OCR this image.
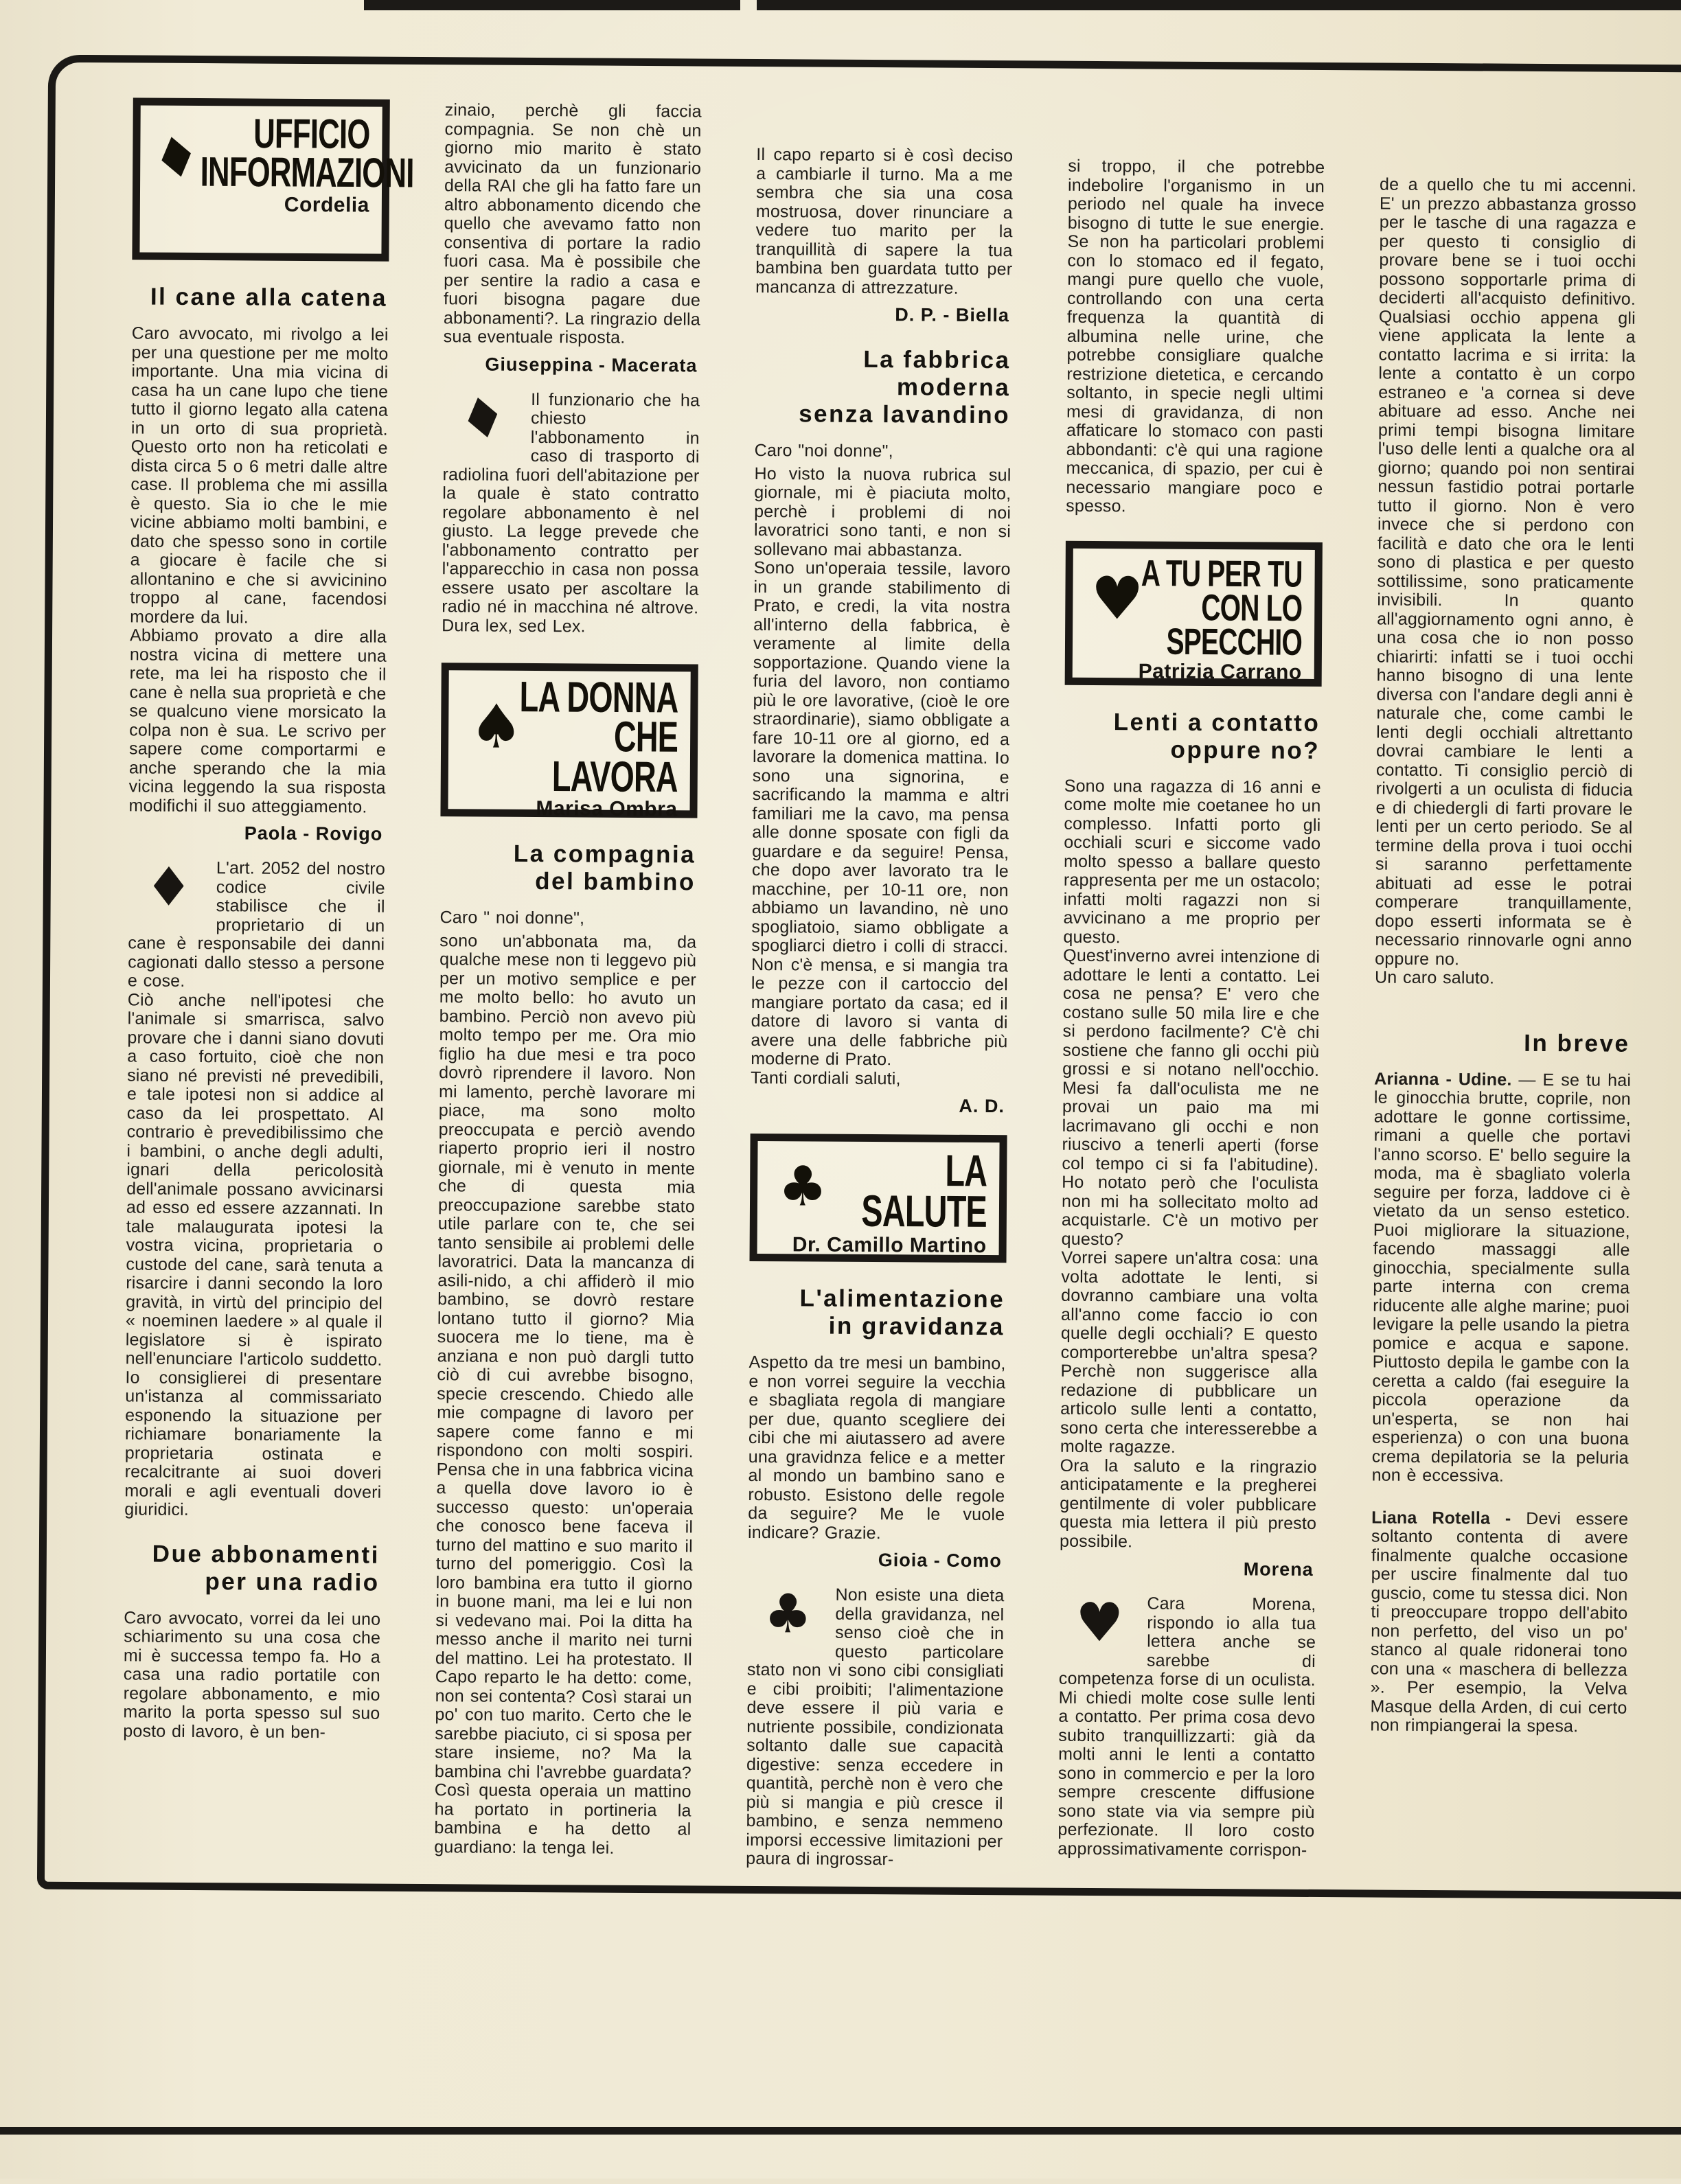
♦	UFFICIO
INFORMAZIONI
Cordelia
Il cane alla catena

Caro avvocato, mi rivolgo a lei per una questione per me molto importante. Una mia vicina di casa ha un cane lupo che tiene tutto il giorno legato alla catena in un orto di sua proprietà. Questo orto non ha reticolati e dista circa 5 o 6 metri dalle altre case. Il problema che mi assilla è questo. Sia io che le mie vicine abbiamo molti bambini, e dato che spesso sono in cortile a giocare è facile che si allontanino e che si avvicinino troppo al cane, facendosi mordere da lui.
Abbiamo provato a dire alla nostra vicina di mettere una rete, ma lei ha risposto che il cane è nella sua proprietà e che se qualcuno viene morsicato la colpa non è sua. Le scrivo per sapere come comportarmi e anche sperando che la mia vicina leggendo la sua risposta modifichi il suo atteggiamento.

Paola - Rovigo
♦	L'art. 2052 del nostro codice civile stabilisce che il proprietario di un cane è responsabile dei danni cagionati dallo stesso a persone e cose.
Ciò anche nell'ipotesi che l'animale si smarrisca, salvo provare che i danni siano dovuti a caso fortuito, cioè che non siano né previsti né prevedibili, e tale ipotesi non si addice al caso da lei prospettato. Al contrario è prevedibilissimo che i bambini, o anche degli adulti, ignari della pericolosità dell'animale possano avvicinarsi ad esso ed essere azzannati. In tale malaugurata ipotesi la vostra vicina, proprietaria o custode del cane, sarà tenuta a risarcire i danni secondo la loro gravità, in virtù del principio del « noeminen laedere » al quale il legislatore si è ispirato nell'enunciare l'articolo suddetto. Io consiglierei di presentare un'istanza al commissariato esponendo la situazione per richiamare bonariamente la proprietaria ostinata e recalcitrante ai suoi doveri morali e agli eventuali doveri giuridici.

Due abbonamenti
per una radio

Caro avvocato, vorrei da lei uno schiarimento su una cosa che mi è successa tempo fa. Ho a casa una radio portatile con regolare abbonamento, e mio marito la porta spesso sul suo posto di lavoro, è un ben-

zinaio, perchè gli faccia compagnia. Se non chè un giorno mio marito è stato avvicinato da un funzionario della RAI che gli ha fatto fare un altro abbonamento dicendo che quello che avevamo fatto non consentiva di portare la radio fuori casa. Ma è possibile che per sentire la radio a casa e fuori bisogna pagare due abbonamenti?. La ringrazio della sua eventuale risposta.

Giuseppina - Macerata
♦ Il funzionario che ha chiesto l'abbonamento in caso di trasporto di radiolina fuori dell'abitazione per la quale è stato contratto regolare abbonamento è nel giusto. La legge prevede che l'abbonamento contratto per l'apparecchio in casa non possa essere usato per ascoltare la radio né in macchina né altrove. Dura lex, sed Lex.

♠
LA DONNA
CHE LAVORA
Marisa Ombra
La compagnia
del bambino

Caro " noi donne",

sono un'abbonata ma, da qualche mese non ti leggevo più per un motivo semplice e per me molto bello: ho avuto un bambino. Perciò non avevo più molto tempo per me. Ora mio figlio ha due mesi e tra poco dovrò riprendere il lavoro. Non mi lamento, perchè lavorare mi piace, ma sono molto preoccupata e perciò avendo riaperto proprio ieri il nostro giornale, mi è venuto in mente che di questa mia preoccupazione sarebbe stato utile parlare con te, che sei tanto sensibile ai problemi delle lavoratrici. Data la mancanza di asili-nido, a chi affiderò il mio bambino, se dovrò restare lontano tutto il giorno? Mia suocera me lo tiene, ma è anziana e non può dargli tutto ciò di cui avrebbe bisogno, specie crescendo. Chiedo alle mie compagne di lavoro per sapere come fanno e mi rispondono con molti sospiri. Pensa che in una fabbrica vicina a quella dove lavoro io è successo questo: un'operaia che conosco bene faceva il turno del mattino e suo marito il turno del pomeriggio. Così la loro bambina era tutto il giorno in buone mani, ma lei e lui non si vedevano mai. Poi la ditta ha messo anche il marito nei turni del mattino. Lei ha protestato. Il Capo reparto le ha detto: come, non sei contenta? Così starai un po' con tuo marito. Certo che le sarebbe piaciuto, ci si sposa per stare insieme, no? Ma la bambina chi l'avrebbe guardata? Così questa operaia un mattino ha portato in portineria la bambina e ha detto al guardiano: la tenga lei.

Il capo reparto si è così deciso a cambiarle il turno. Ma a me sembra che sia una cosa mostruosa, dover rinunciare a vedere tuo marito per la tranquillità di sapere la tua bambina ben guardata tutto per mancanza di attrezzature.

D. P. - Biella
La fabbrica moderna
senza lavandino

Caro "noi donne",

Ho visto la nuova rubrica sul giornale, mi è piaciuta molto, perchè i problemi di noi lavoratrici sono tanti, e non si sollevano mai abbastanza.
Sono un'operaia tessile, lavoro in un grande stabilimento di Prato, e credi, la vita nostra all'interno della fabbrica, è veramente al limite della sopportazione. Quando viene la furia del lavoro, non contiamo più le ore lavorative, (cioè le ore straordinarie), siamo obbligate a fare 10-11 ore al giorno, ed a lavorare la domenica mattina. Io sono una signorina, e sacrificando la mamma e altri familiari me la cavo, ma pensa alle donne sposate con figli da guardare e da seguire! Pensa, che dopo aver lavorato tra le macchine, per 10-11 ore, non abbiamo un lavandino, nè uno spogliatoio, siamo obbligate a spogliarci dietro i colli di stracci. Non c'è mensa, e si mangia tra le pezze con il cartoccio del mangiare portato da casa; ed il datore di lavoro si vanta di avere una delle fabbriche più moderne di Prato.
Tanti cordiali saluti,

A. D.
♣	LA
SALUTE
Dr. Camillo Martino
L'alimentazione
in gravidanza

Aspetto da tre mesi un bambino, e non vorrei seguire la vecchia e sbagliata regola di mangiare per due, quanto scegliere dei cibi che mi aiutassero ad avere una gravidnza felice e a metter al mondo un bambino sano e robusto. Esistono delle regole da seguire? Me le vuole indicare? Grazie.

Gioia - Como
♣	Non esiste una dieta della gravidanza, nel senso cioè che in questo particolare stato non vi sono cibi consigliati e cibi proibiti; l'alimentazione deve essere il più varia e nutriente possibile, condizionata soltanto dalle sue capacità digestive: senza eccedere in quantità, perchè non è vero che più si mangia e più cresce il bambino, e senza nemmeno imporsi eccessive limitazioni per paura di ingrossar-

si troppo, il che potrebbe indebolire l'organismo in un periodo nel quale ha invece bisogno di tutte le sue energie. Se non ha particolari problemi con lo stomaco ed il fegato, mangi pure quello che vuole, controllando con una certa frequenza la quantità di albumina nelle urine, che potrebbe consigliare qualche restrizione dietetica, e cercando soltanto, in specie negli ultimi mesi di gravidanza, di non affaticare lo stomaco con pasti abbondanti: c'è qui una ragione meccanica, di spazio, per cui è necessario mangiare poco e spesso.

♥
A TU PER TU
CON LO SPECCHIO
Patrizia Carrano
Lenti a contatto
oppure no?

Sono una ragazza di 16 anni e come molte mie coetanee ho un complesso. Infatti porto gli occhiali scuri e siccome vado molto spesso a ballare questo rappresenta per me un ostacolo; infatti molti ragazzi non si avvicinano a me proprio per questo.
Quest'inverno avrei intenzione di adottare le lenti a contatto. Lei cosa ne pensa? E' vero che costano sulle 50 mila lire e che si perdono facilmente? C'è chi sostiene che fanno gli occhi più grossi e si notano nell'occhio. Mesi fa dall'oculista me ne provai un paio ma mi lacrimavano gli occhi e non riuscivo a tenerli aperti (forse col tempo ci si fa l'abitudine). Ho notato però che l'oculista non mi ha sollecitato molto ad acquistarle. C'è un motivo per questo?
Vorrei sapere un'altra cosa: una volta adottate le lenti, si dovranno cambiare una volta all'anno come faccio io con quelle degli occhiali? E questo comporterebbe un'altra spesa? Perchè non suggerisce alla redazione di pubblicare un articolo sulle lenti a contatto, sono certa che interesserebbe a molte ragazze.
Ora la saluto e la ringrazio anticipatamente e la pregherei gentilmente di voler pubblicare questa mia lettera il più presto possibile.

Morena
♥	Cara Morena, rispondo io alla tua lettera anche se sarebbe di competenza forse di un oculista. Mi chiedi molte cose sulle lenti a contatto. Per prima cosa devo subito tranquillizzarti: già da molti anni le lenti a contatto sono in commercio e per la loro sempre crescente diffusione sono state via via sempre più perfezionate. Il loro costo approssimativamente corrispon-

de a quello che tu mi accenni. E' un prezzo abbastanza grosso per le tasche di una ragazza e per questo ti consiglio di provare bene se i tuoi occhi possono sopportarle prima di deciderti all'acquisto definitivo. Qualsiasi occhio appena gli viene applicata la lente a contatto lacrima e si irrita: la lente a contatto è un corpo estraneo e 'a cornea si deve abituare ad esso. Anche nei primi tempi bisogna limitare l'uso delle lenti a qualche ora al giorno; quando poi non sentirai nessun fastidio potrai portarle tutto il giorno. Non è vero invece che si perdono con facilità e dato che ora le lenti sono di plastica e per questo sottilissime, sono praticamente invisibili. In quanto all'aggiornamento ogni anno, è una cosa che io non posso chiarirti: infatti se i tuoi occhi hanno bisogno di una lente diversa con l'andare degli anni è naturale che, come cambi le lenti degli occhiali altrettanto dovrai cambiare le lenti a contatto. Ti consiglio perciò di rivolgerti a un oculista di fiducia e di chiedergli di farti provare le lenti per un certo periodo. Se al termine della prova i tuoi occhi si saranno perfettamente abituati ad esse le potrai comperare tranquillamente, dopo esserti informata se è necessario rinnovarle ogni anno oppure no.
Un caro saluto.

In breve

Arianna - Udine. — E se tu hai le ginocchia brutte, coprile, non adottare le gonne cortissime, rimani a quelle che portavi l'anno scorso. E' bello seguire la moda, ma è sbagliato volerla seguire per forza, laddove ci è vietato da un senso estetico. Puoi migliorare la situazione, facendo massaggi alle ginocchia, specialmente sulla parte interna con crema riducente alle alghe marine; puoi levigare la pelle usando la pietra pomice e acqua e sapone. Piuttosto depila le gambe con la ceretta a caldo (fai eseguire la piccola operazione da un'esperta, se non hai esperienza) o con una buona crema depilatoria se la peluria non è eccessiva.

Liana Rotella - Devi essere soltanto contenta di avere finalmente qualche occasione per uscire finalmente dal tuo guscio, come tu stessa dici. Non ti preoccupare troppo dell'abito non perfetto, del viso un po' stanco al quale ridonerai tono con una « maschera di bellezza ». Per esempio, la Velva Masque della Arden, di cui certo non rimpiangerai la spesa.
